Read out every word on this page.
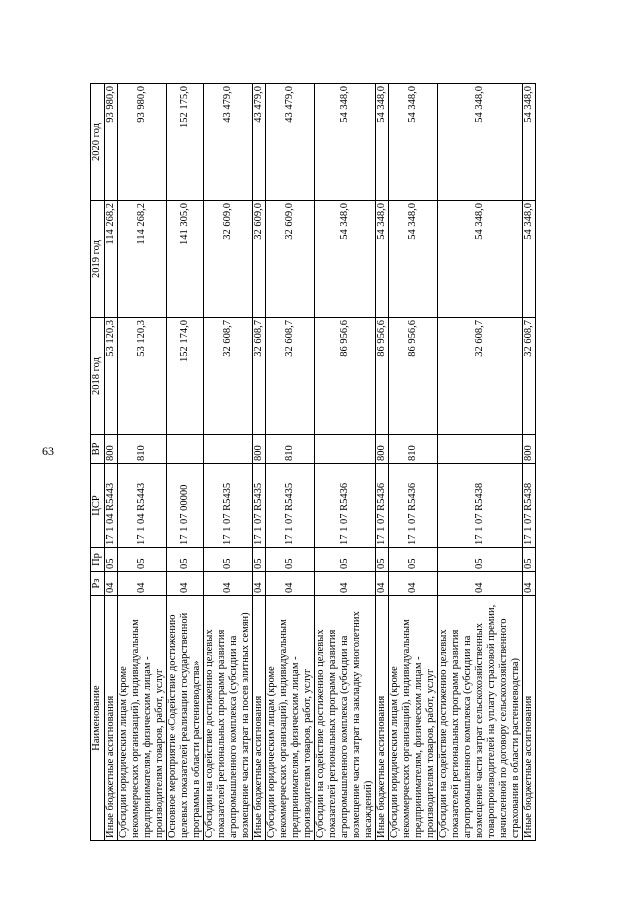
63
Наименование	Рз	Пр	ЦСР	ВР	2018 год	2019 год	2020 год
Иные бюджетные ассигнования	04	05	17 1 04 R5443	800	53 120,3	114 268,2	93 980,0
Субсидии юридическим лицам (кроме некоммерческих организаций), индивидуальным предпринимателям, физическим лицам - производителям товаров, работ, услуг	04	05	17 1 04 R5443	810	53 120,3	114 268,2	93 980,0
Основное мероприятие «Содействие достижению целевых показателей реализации государственной программы в области растениеводства»	04	05	17 1 07 00000		152 174,0	141 305,0	152 175,0
Субсидии на содействие достижению целевых показателей региональных программ развития агропромышленного комплекса (субсидии на возмещение части затрат на посев элитных семян)	04	05	17 1 07 R5435		32 608,7	32 609,0	43 479,0
Иные бюджетные ассигнования	04	05	17 1 07 R5435	800	32 608,7	32 609,0	43 479,0
Субсидии юридическим лицам (кроме некоммерческих организаций), индивидуальным предпринимателям, физическим лицам - производителям товаров, работ, услуг	04	05	17 1 07 R5435	810	32 608,7	32 609,0	43 479,0
Субсидии на содействие достижению целевых показателей региональных программ развития агропромышленного комплекса (субсидии на возмещение части затрат на закладку многолетних насаждений)	04	05	17 1 07 R5436		86 956,6	54 348,0	54 348,0
Иные бюджетные ассигнования	04	05	17 1 07 R5436	800	86 956,6	54 348,0	54 348,0
Субсидии юридическим лицам (кроме некоммерческих организаций), индивидуальным предпринимателям, физическим лицам - производителям товаров, работ, услуг	04	05	17 1 07 R5436	810	86 956,6	54 348,0	54 348,0
Субсидии на содействие достижению целевых показателей региональных программ развития агропромышленного комплекса (субсидии на возмещение части затрат сельскохозяйственных товаропроизводителей на уплату страховой премии, начисленной по договору сельскохозяйственного страхования в области растениеводства)	04	05	17 1 07 R5438		32 608,7	54 348,0	54 348,0
Иные бюджетные ассигнования	04	05	17 1 07 R5438	800	32 608,7	54 348,0	54 348,0
